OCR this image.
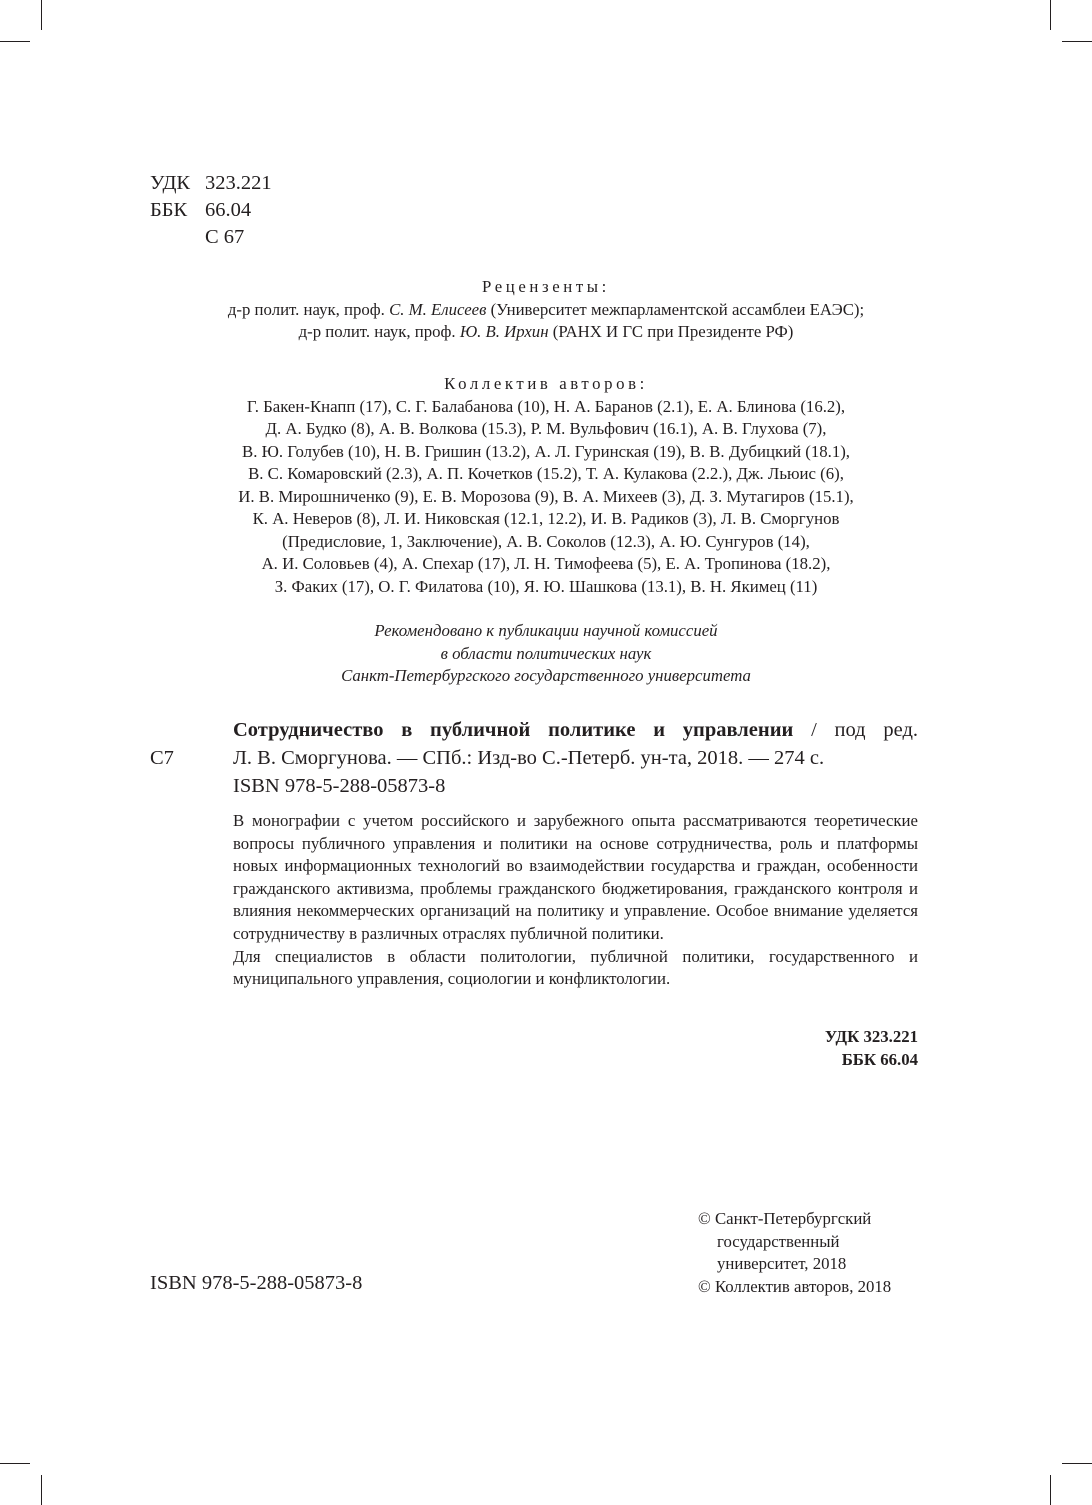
УДК 323.221
ББК 66.04
С 67
Рецензенты:
д-р полит. наук, проф. С. М. Елисеев (Университет межпарламентской ассамблеи ЕАЭС);
д-р полит. наук, проф. Ю. В. Ирхин (РАНХ И ГС при Президенте РФ)
Коллектив авторов:
Г. Бакен-Кнапп (17), С. Г. Балабанова (10), Н. А. Баранов (2.1), Е. А. Блинова (16.2),
Д. А. Будко (8), А. В. Волкова (15.3), Р. М. Вульфович (16.1), А. В. Глухова (7),
В. Ю. Голубев (10), Н. В. Гришин (13.2), А. Л. Гуринская (19), В. В. Дубицкий (18.1),
В. С. Комаровский (2.3), А. П. Кочетков (15.2), Т. А. Кулакова (2.2.), Дж. Льюис (6),
И. В. Мирошниченко (9), Е. В. Морозова (9), В. А. Михеев (3), Д. З. Мутагиров (15.1),
К. А. Неверов (8), Л. И. Никовская (12.1, 12.2), И. В. Радиков (3), Л. В. Сморгунов
(Предисловие, 1, Заключение), А. В. Соколов (12.3), А. Ю. Сунгуров (14),
А. И. Соловьев (4), А. Спехар (17), Л. Н. Тимофеева (5), Е. А. Тропинова (18.2),
З. Факих (17), О. Г. Филатова (10), Я. Ю. Шашкова (13.1), В. Н. Якимец (11)
Рекомендовано к публикации научной комиссией
в области политических наук
Санкт-Петербургского государственного университета
Сотрудничество в публичной политике и управлении / под ред.
С7	Л. В. Сморгунова. — СПб.: Изд-во С.-Петерб. ун-та, 2018. — 274 с.
ISBN 978-5-288-05873-8
В монографии с учетом российского и зарубежного опыта рассматриваются теоретические вопросы публичного управления и политики на основе сотрудничества, роль и платформы новых информационных технологий во взаимодействии государства и граждан, особенности гражданского активизма, проблемы гражданского бюджетирования, гражданского контроля и влияния некоммерческих организаций на политику и управление. Особое внимание уделяется сотрудничеству в различных отраслях публичной политики.
Для специалистов в области политологии, публичной политики, государственного и муниципального управления, социологии и конфликтологии.
УДК 323.221
ББК 66.04
ISBN 978-5-288-05873-8
© Санкт-Петербургский
государственный
университет, 2018
© Коллектив авторов, 2018
